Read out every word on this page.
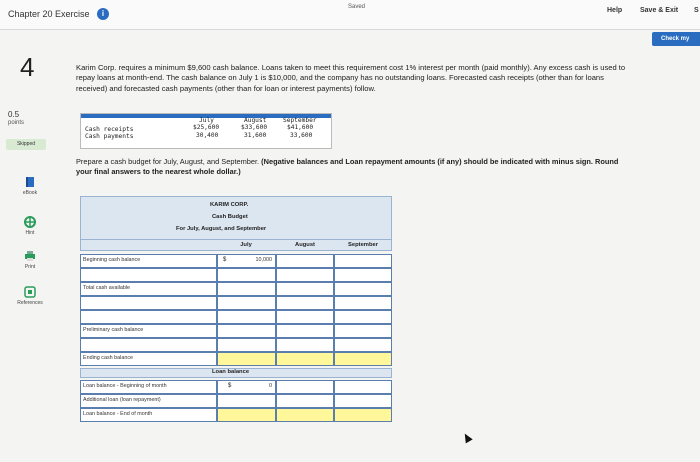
Chapter 20 Exercise	i
Saved	Help	Save & Exit S
Check my
4
0.5
points
Skipped
eBook
Hint
Print
References
Karim Corp. requires a minimum $9,600 cash balance. Loans taken to meet this requirement cost 1% interest per month (paid monthly). Any excess cash is used to repay loans at month-end. The cash balance on July 1 is $10,000, and the company has no outstanding loans. Forecasted cash receipts (other than for loans received) and forecasted cash payments (other than for loan or interest payments) follow.
July	August	September
Cash receipts	$25,600	$33,600	$41,600
Cash payments	30,400	31,600	33,600
Prepare a cash budget for July, August, and September. (Negative balances and Loan repayment amounts (if any) should be indicated with minus sign. Round your final answers to the nearest whole dollar.)
KARIM CORP.
Cash Budget
For July, August, and September
July	August	September
Beginning cash balance	10,000
$
Total cash available
Preliminary cash balance
Ending cash balance
Loan balance
Loan balance - Beginning of month	0
$
Additional loan (loan repayment)
Loan balance - End of month
